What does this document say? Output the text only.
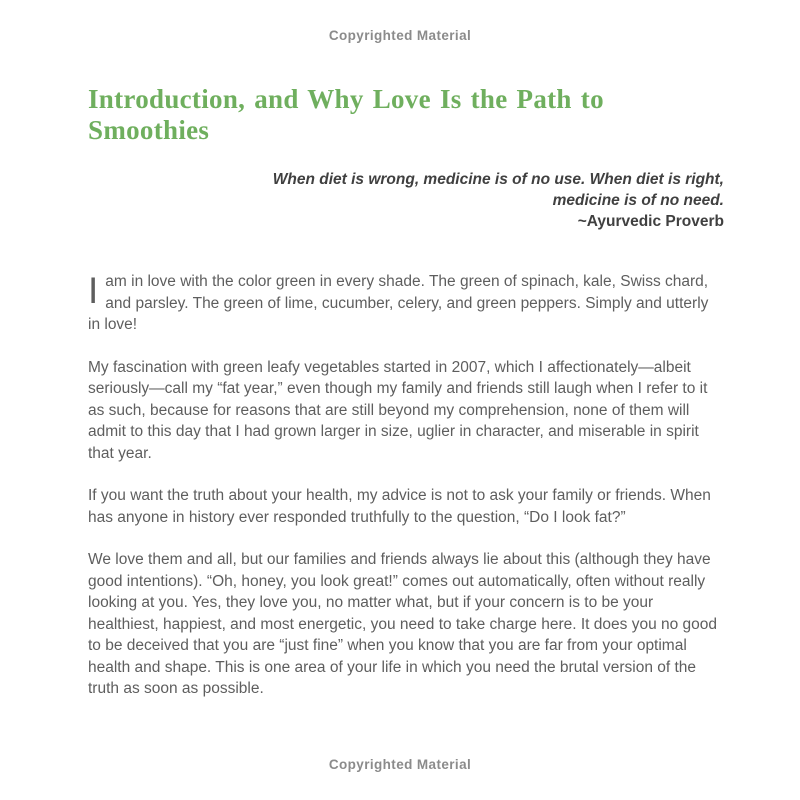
Copyrighted Material
Introduction, and Why Love Is the Path to Smoothies
When diet is wrong, medicine is of no use. When diet is right,
medicine is of no need.
~Ayurvedic Proverb

Iam in love with the color green in every shade. The green of spinach, kale, Swiss chard, and parsley. The green of lime, cucumber, celery, and green peppers. Simply and utterly in love!

My fascination with green leafy vegetables started in 2007, which I affectionately—albeit seriously—call my “fat year,” even though my family and friends still laugh when I refer to it as such, because for reasons that are still beyond my comprehension, none of them will admit to this day that I had grown larger in size, uglier in character, and miserable in spirit that year.

If you want the truth about your health, my advice is not to ask your family or friends. When has anyone in history ever responded truthfully to the question, “Do I look fat?”

We love them and all, but our families and friends always lie about this (although they have good intentions). “Oh, honey, you look great!” comes out automatically, often without really looking at you. Yes, they love you, no matter what, but if your concern is to be your healthiest, happiest, and most energetic, you need to take charge here. It does you no good to be deceived that you are “just fine” when you know that you are far from your optimal health and shape. This is one area of your life in which you need the brutal version of the truth as soon as possible.

Copyrighted Material
